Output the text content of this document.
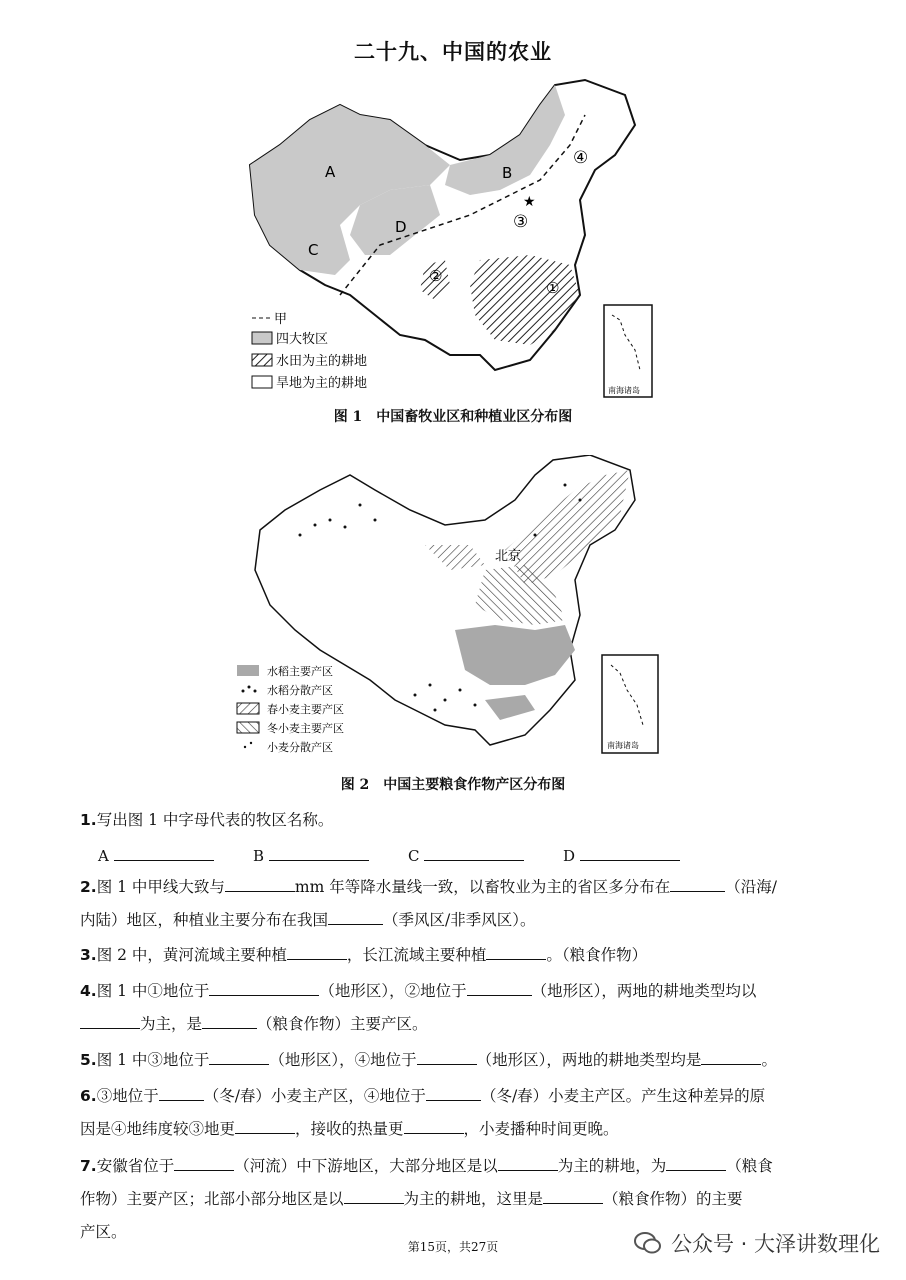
二十九、中国的农业
A	B
C
D
④
③
②
①
★
甲
四大牧区
水田为主的耕地
旱地为主的耕地	南海诸岛
图 1　中国畜牧业区和种植业区分布图
北京
水稻主要产区
水稻分散产区
春小麦主要产区
冬小麦主要产区
小麦分散产区	南海诸岛
图 2　中国主要粮食作物产区分布图
1.写出图 1 中字母代表的牧区名称。
A	B	C	D
2.图 1 中甲线大致与	mm 年等降水量线一致，以畜牧业为主的省区多分布在	（沿海/
内陆）地区，种植业主要分布在我国	（季风区/非季风区）。
3.图 2 中，黄河流域主要种植	，长江流域主要种植	。（粮食作物）
4.图 1 中①地位于	（地形区），②地位于	（地形区），两地的耕地类型均以
为主，是	（粮食作物）主要产区。
5.图 1 中③地位于	（地形区），④地位于	（地形区），两地的耕地类型均是	。
6.③地位于	（冬/春）小麦主产区，④地位于	（冬/春）小麦主产区。产生这种差异的原
因是④地纬度较③地更	，接收的热量更	，小麦播种时间更晚。
7.安徽省位于	（河流）中下游地区，大部分地区是以	为主的耕地，为	（粮食
作物）主要产区；北部小部分地区是以	为主的耕地，这里是	（粮食作物）的主要
产区。
第15页，共27页	公众号 · 大泽讲数理化
